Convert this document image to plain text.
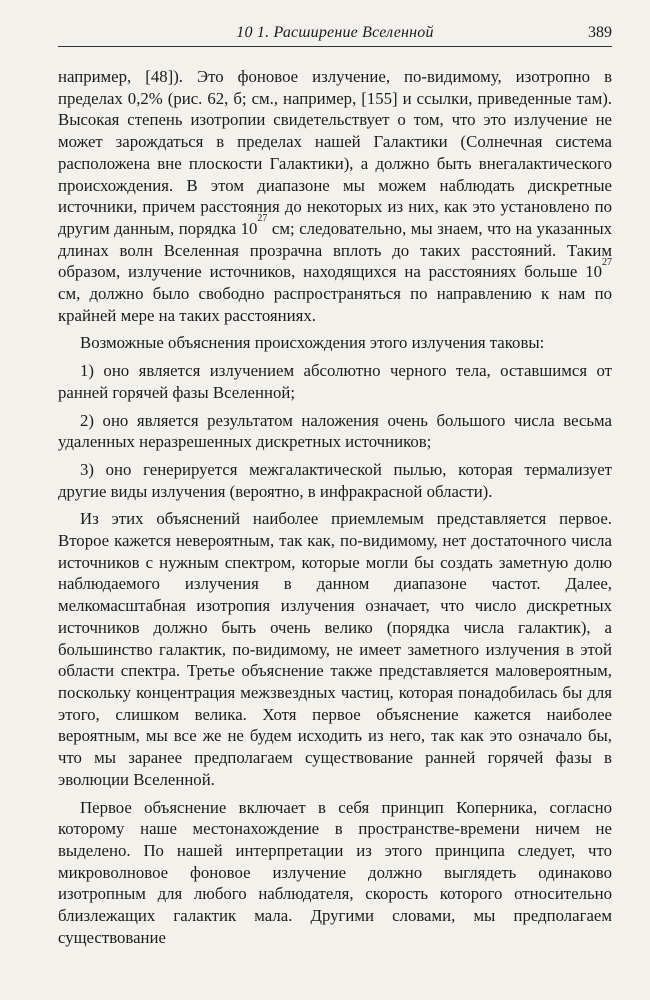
10 1. Расширение Вселенной	389

например, [48]). Это фоновое излучение, по-видимому, изотропно в пределах 0,2% (рис. 62, б; см., например, [155] и ссылки, приведенные там). Высокая степень изотропии свидетельствует о том, что это излучение не может зарождаться в пределах нашей Галактики (Солнечная система расположена вне плоскости Галактики), а должно быть внегалактического происхождения. В этом диапазоне мы можем наблюдать дискретные источники, причем расстояния до некоторых из них, как это установлено по другим данным, порядка $10^{27}$ см; следовательно, мы знаем, что на указанных длинах волн Вселенная прозрачна вплоть до таких расстояний. Таким образом, излучение источников, находящихся на расстояниях больше $10^{27}$ см, должно было свободно распространяться по направлению к нам по крайней мере на таких расстояниях.

Возможные объяснения происхождения этого излучения таковы:

1) оно является излучением абсолютно черного тела, оставшимся от ранней горячей фазы Вселенной;

2) оно является результатом наложения очень большого числа весьма удаленных неразрешенных дискретных источников;

3) оно генерируется межгалактической пылью, которая термализует другие виды излучения (вероятно, в инфракрасной области).

Из этих объяснений наиболее приемлемым представляется первое. Второе кажется невероятным, так как, по-видимому, нет достаточного числа источников с нужным спектром, которые могли бы создать заметную долю наблюдаемого излучения в данном диапазоне частот. Далее, мелкомасштабная изотропия излучения означает, что число дискретных источников должно быть очень велико (порядка числа галактик), а большинство галактик, по-видимому, не имеет заметного излучения в этой области спектра. Третье объяснение также представляется маловероятным, поскольку концентрация межзвездных частиц, которая понадобилась бы для этого, слишком велика. Хотя первое объяснение кажется наиболее вероятным, мы все же не будем исходить из него, так как это означало бы, что мы заранее предполагаем существование ранней горячей фазы в эволюции Вселенной.

Первое объяснение включает в себя принцип Коперника, согласно которому наше местонахождение в пространстве-времени ничем не выделено. По нашей интерпретации из этого принципа следует, что микроволновое фоновое излучение должно выглядеть одинаково изотропным для любого наблюдателя, скорость которого относительно близлежащих галактик мала. Другими словами, мы предполагаем существование
